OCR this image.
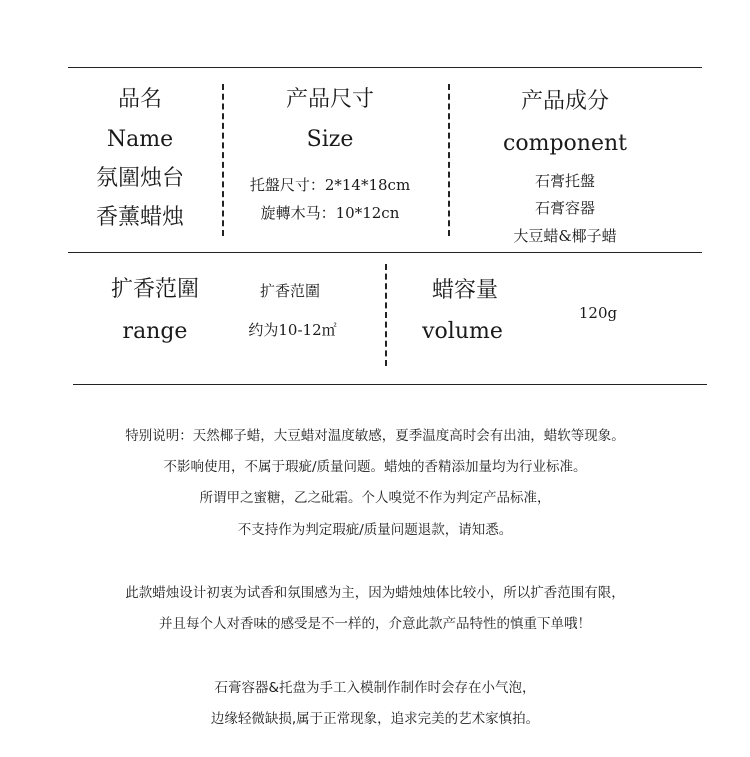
品名
Name
氛圍烛台
香薰蜡烛
产品尺寸
Size
托盤尺寸：2*14*18cm
旋轉木马：10*12cn
产品成分
component
石膏托盤
石膏容器
大豆蜡&椰子蜡
扩香范圍
range
扩香范圍
约为10-12㎡
蜡容量
volume
120g
特别说明：天然椰子蜡，大豆蜡对温度敏感，夏季温度高时会有出油，蜡软等现象。
不影响使用，不属于瑕疵/质量问题。蜡烛的香精添加量均为行业标准。
所谓甲之蜜糖，乙之砒霜。个人嗅觉不作为判定产品标准，
不支持作为判定瑕疵/质量问题退款，请知悉。
此款蜡烛设计初衷为试香和氛围感为主，因为蜡烛烛体比较小，所以扩香范围有限，
并且每个人对香味的感受是不一样的，介意此款产品特性的慎重下单哦！
石膏容器&托盘为手工入模制作制作时会存在小气泡，
边缘轻微缺损,属于正常现象，追求完美的艺术家慎拍。
